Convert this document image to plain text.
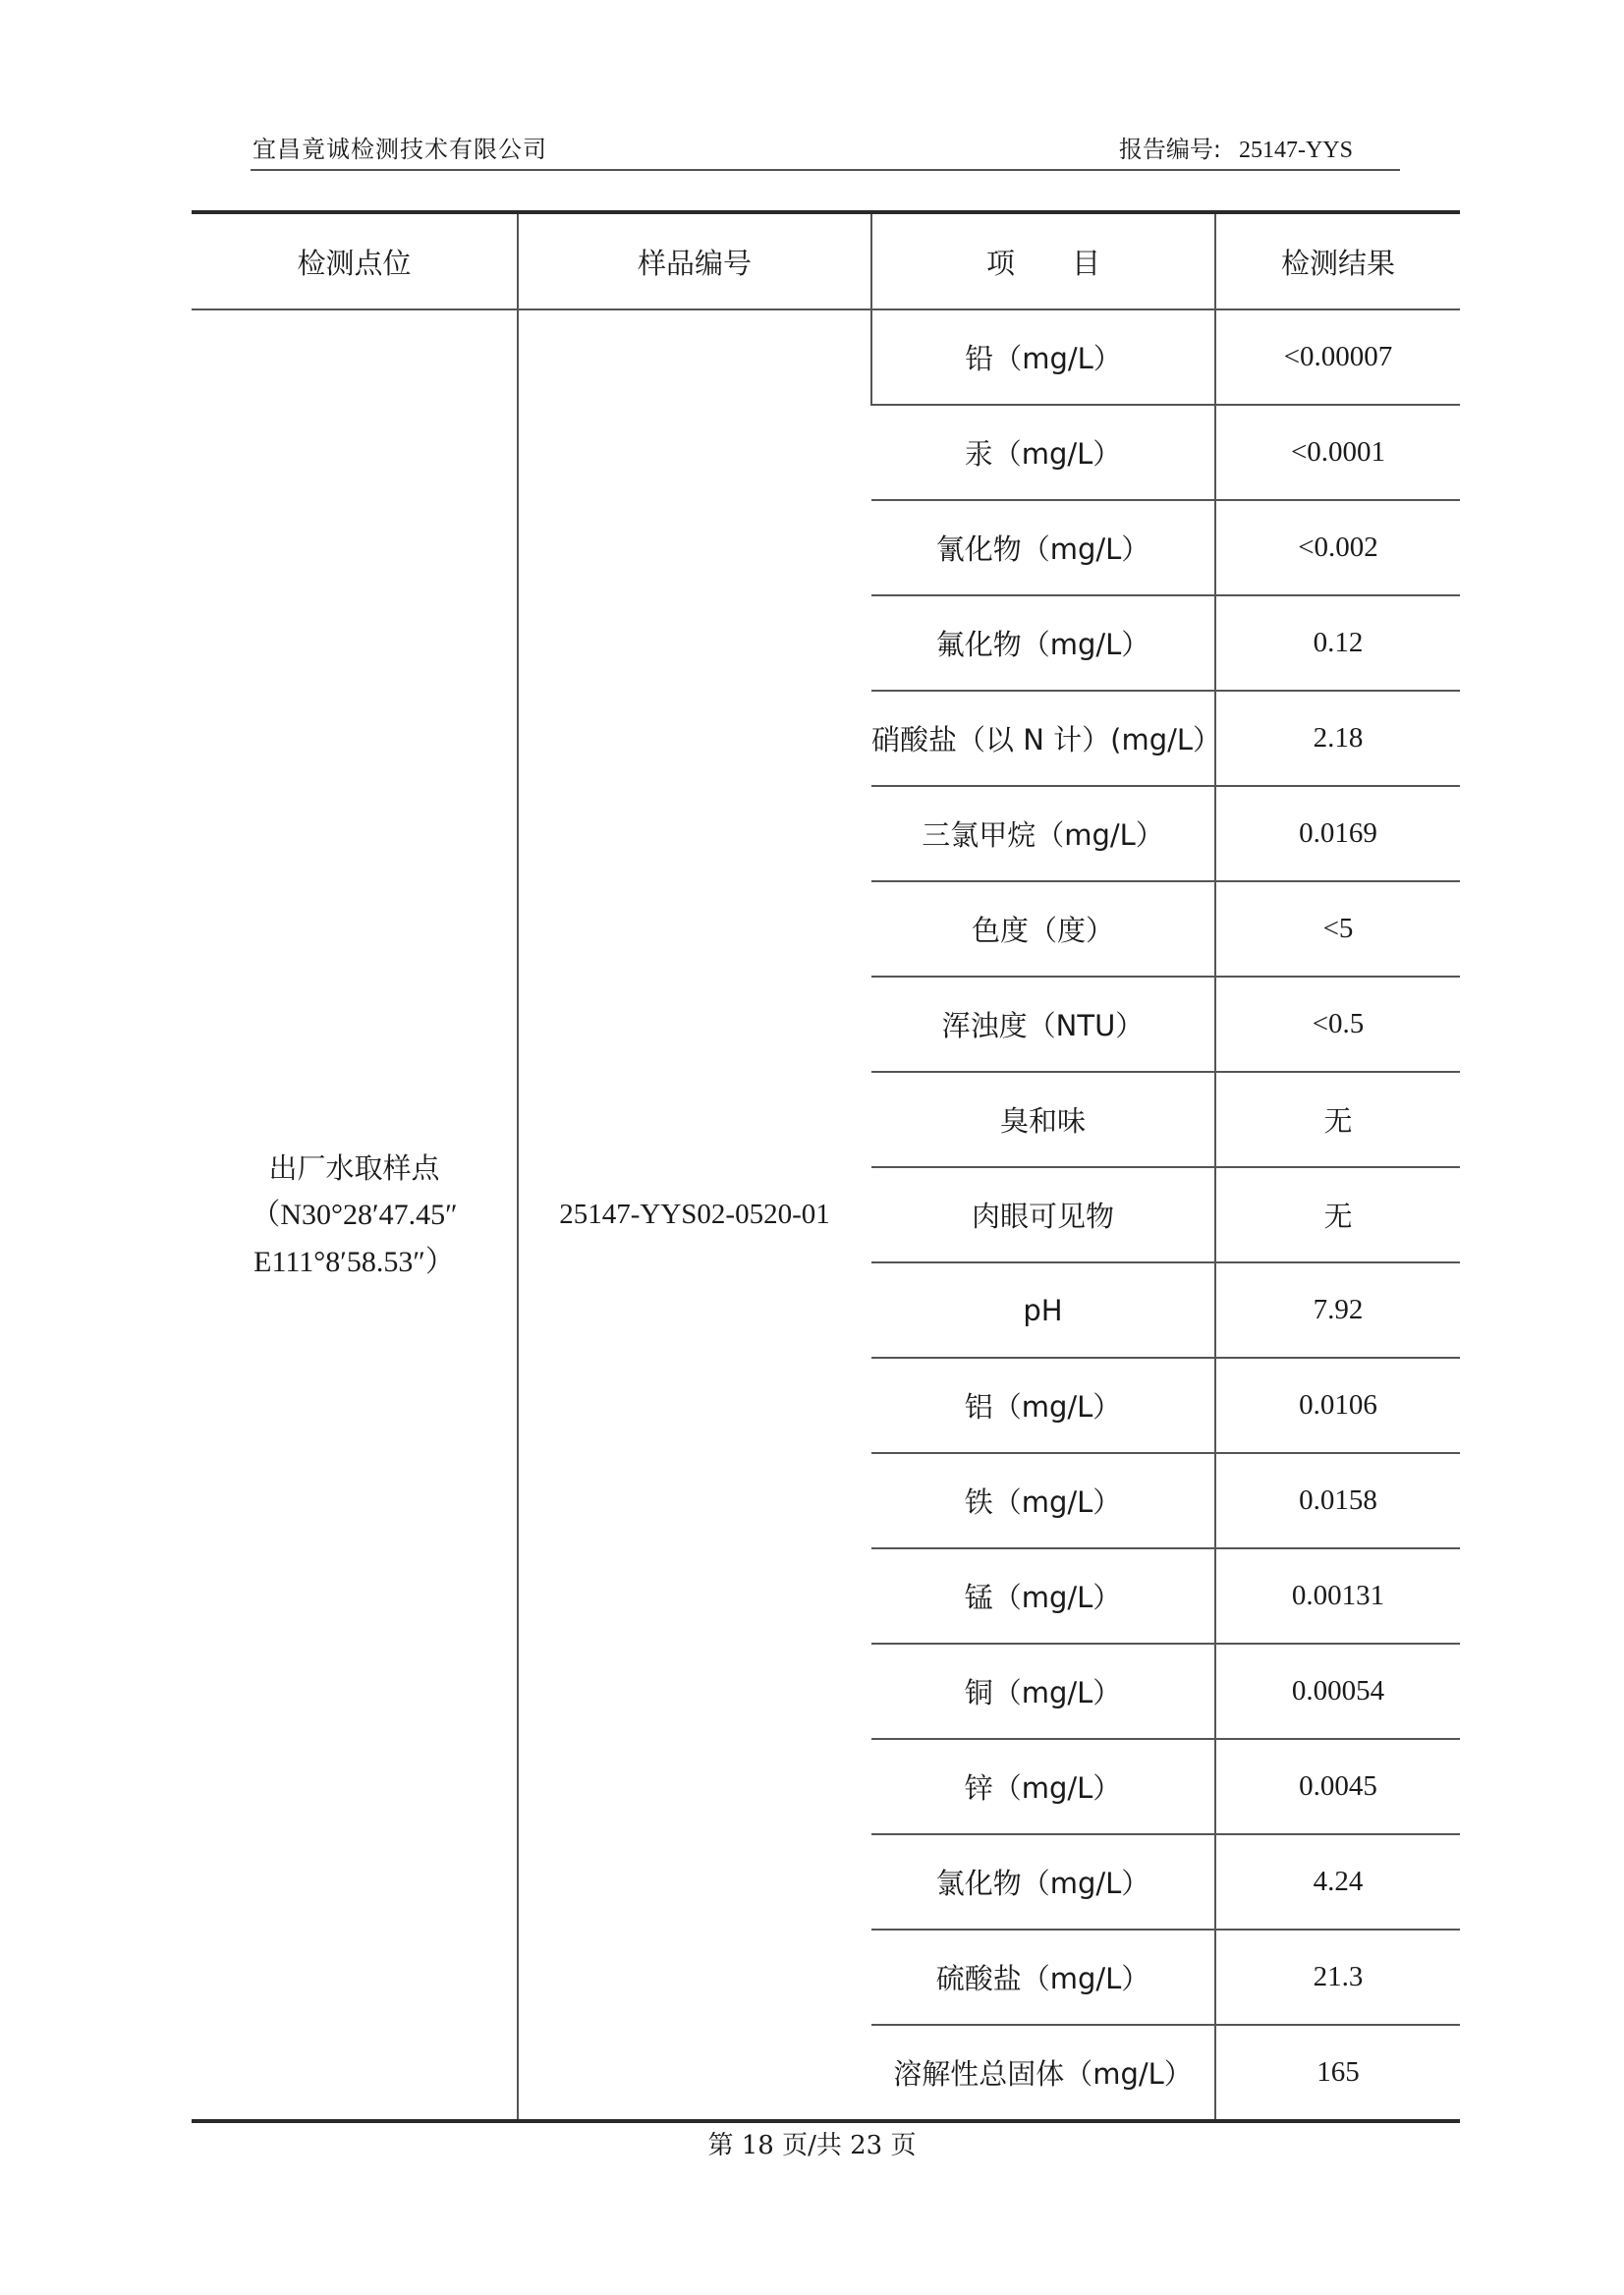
宜昌竟诚检测技术有限公司	报告编号: 25147-YYS
检测点位	样品编号	项　　目	检测结果

出厂水取样点
（N30°28′47.45″
E111°8′58.53″）	25147-YYS02-0520-01	铅（mg/L）	<0.00007
		汞（mg/L）	<0.0001
		氰化物（mg/L）	<0.002
		氟化物（mg/L）	0.12
		硝酸盐（以 N 计）(mg/L）	2.18
		三氯甲烷（mg/L）	0.0169
		色度（度）	<5
		浑浊度（NTU）	<0.5
		臭和味	无
		肉眼可见物	无
		pH	7.92
		铝（mg/L）	0.0106
		铁（mg/L）	0.0158
		锰（mg/L）	0.00131
		铜（mg/L）	0.00054
		锌（mg/L）	0.0045
		氯化物（mg/L）	4.24
		硫酸盐（mg/L）	21.3
		溶解性总固体（mg/L）	165
第 18 页/共 23 页
